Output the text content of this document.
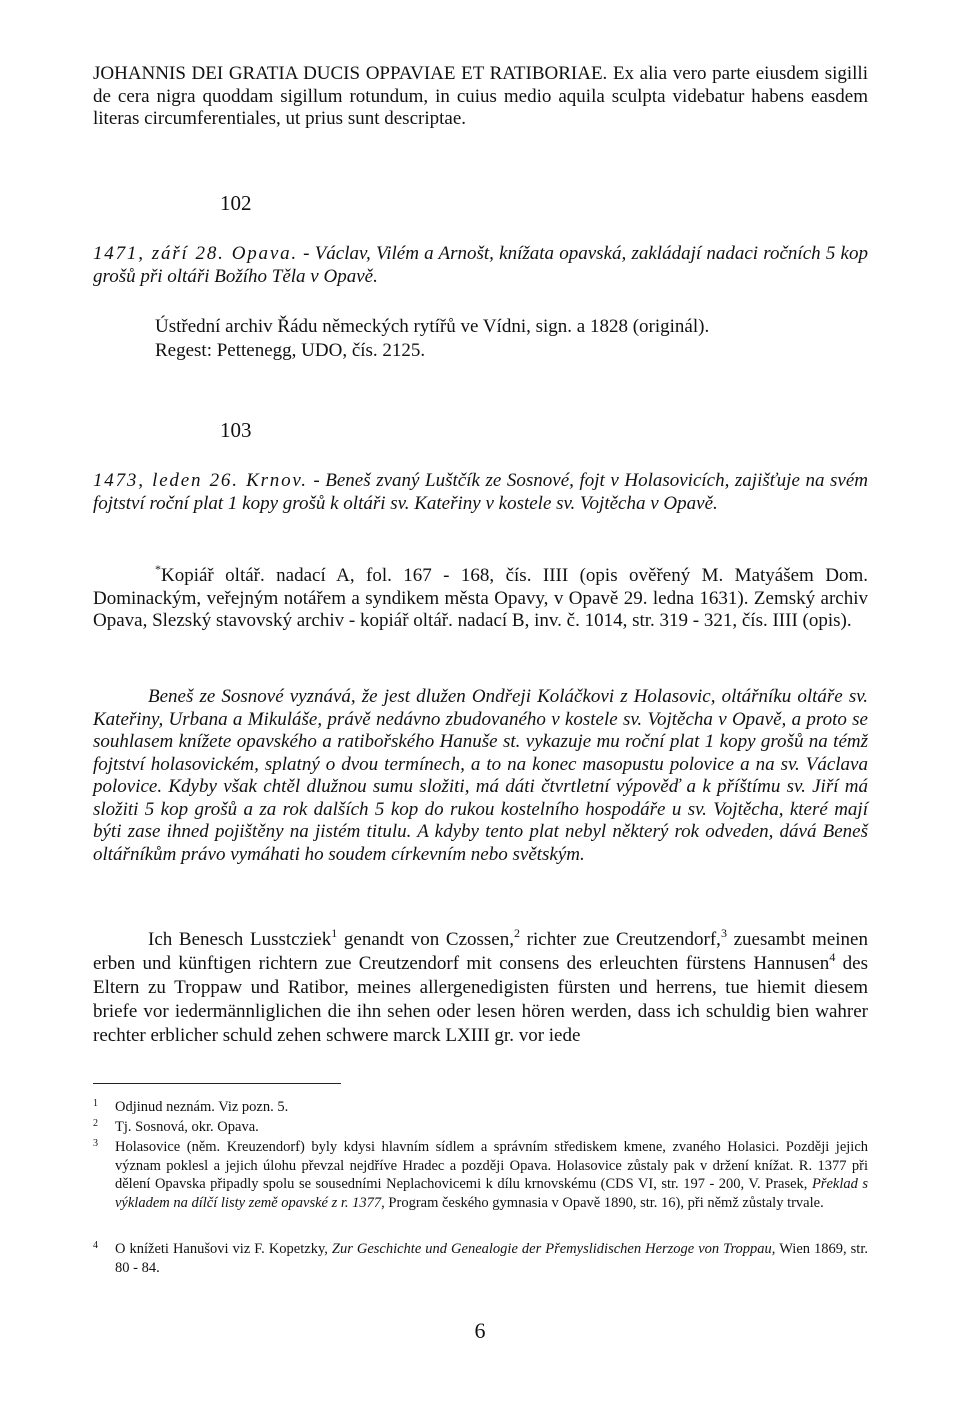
JOHANNIS DEI GRATIA DUCIS OPPAVIAE ET RATIBORIAE. Ex alia vero parte eiusdem sigilli de cera nigra quoddam sigillum rotundum, in cuius medio aquila sculpta videbatur habens easdem literas circumferentiales, ut prius sunt descriptae.

102

1471, září 28. Opava. - Václav, Vilém a Arnošt, knížata opavská, zakládají nadaci ročních 5 kop grošů při oltáři Božího Těla v Opavě.

Ústřední archiv Řádu německých rytířů ve Vídni, sign. a 1828 (originál).

Regest: Pettenegg, UDO, čís. 2125.

103

1473, leden 26. Krnov. - Beneš zvaný Luštčík ze Sosnové, fojt v Holasovicích, zajišťuje na svém fojtství roční plat 1 kopy grošů k oltáři sv. Kateřiny v kostele sv. Vojtěcha v Opavě.

*Kopiář oltář. nadací A, fol. 167 - 168, čís. IIII (opis ověřený M. Matyášem Dom. Dominackým, veřejným notářem a syndikem města Opavy, v Opavě 29. ledna 1631). Zemský archiv Opava, Slezský stavovský archiv - kopiář oltář. nadací B, inv. č. 1014, str. 319 - 321, čís. IIII (opis).

Beneš ze Sosnové vyznává, že jest dlužen Ondřeji Koláčkovi z Holasovic, oltářníku oltáře sv. Kateřiny, Urbana a Mikuláše, právě nedávno zbudovaného v kostele sv. Vojtěcha v Opavě, a proto se souhlasem knížete opavského a ratibořského Hanuše st. vykazuje mu roční plat 1 kopy grošů na témž fojtství holasovickém, splatný o dvou termínech, a to na konec masopustu polovice a na sv. Václava polovice. Kdyby však chtěl dlužnou sumu složiti, má dáti čtvrtletní výpověď a k příštímu sv. Jiří má složiti 5 kop grošů a za rok dalších 5 kop do rukou kostelního hospodáře u sv. Vojtěcha, které mají býti zase ihned pojištěny na jistém titulu. A kdyby tento plat nebyl některý rok odveden, dává Beneš oltářníkům právo vymáhati ho soudem církevním nebo světským.

Ich Benesch Lusstcziek$^1$ genandt von Czossen,$^2$ richter zue Creutzendorf,$^3$ zuesambt meinen erben und künftigen richtern zue Creutzendorf mit consens des erleuchten fürstens Hannusen$^4$ des Eltern zu Troppaw und Ratibor, meines allergenedigisten fürsten und herrens, tue hiemit diesem briefe vor iedermännliglichen die ihn sehen oder lesen hören werden, dass ich schuldig bien wahrer rechter erblicher schuld zehen schwere marck LXIII gr. vor iede

1 Odjinud neznám. Viz pozn. 5.
2 Tj. Sosnová, okr. Opava.
3 Holasovice (něm. Kreuzendorf) byly kdysi hlavním sídlem a správním střediskem kmene, zvaného Holasici. Později jejich význam poklesl a jejich úlohu převzal nejdříve Hradec a později Opava. Holasovice zůstaly pak v držení knížat. R. 1377 při dělení Opavska připadly spolu se sousedními Neplachovicemi k dílu krnovskému (CDS VI, str. 197 - 200, V. Prasek, Překlad s výkladem na dílčí listy země opavské z r. 1377, Program českého gymnasia v Opavě 1890, str. 16), při němž zůstaly trvale.
4 O knížeti Hanušovi viz F. Kopetzky, Zur Geschichte und Genealogie der Přemyslidischen Herzoge von Troppau, Wien 1869, str. 80 - 84.
6
